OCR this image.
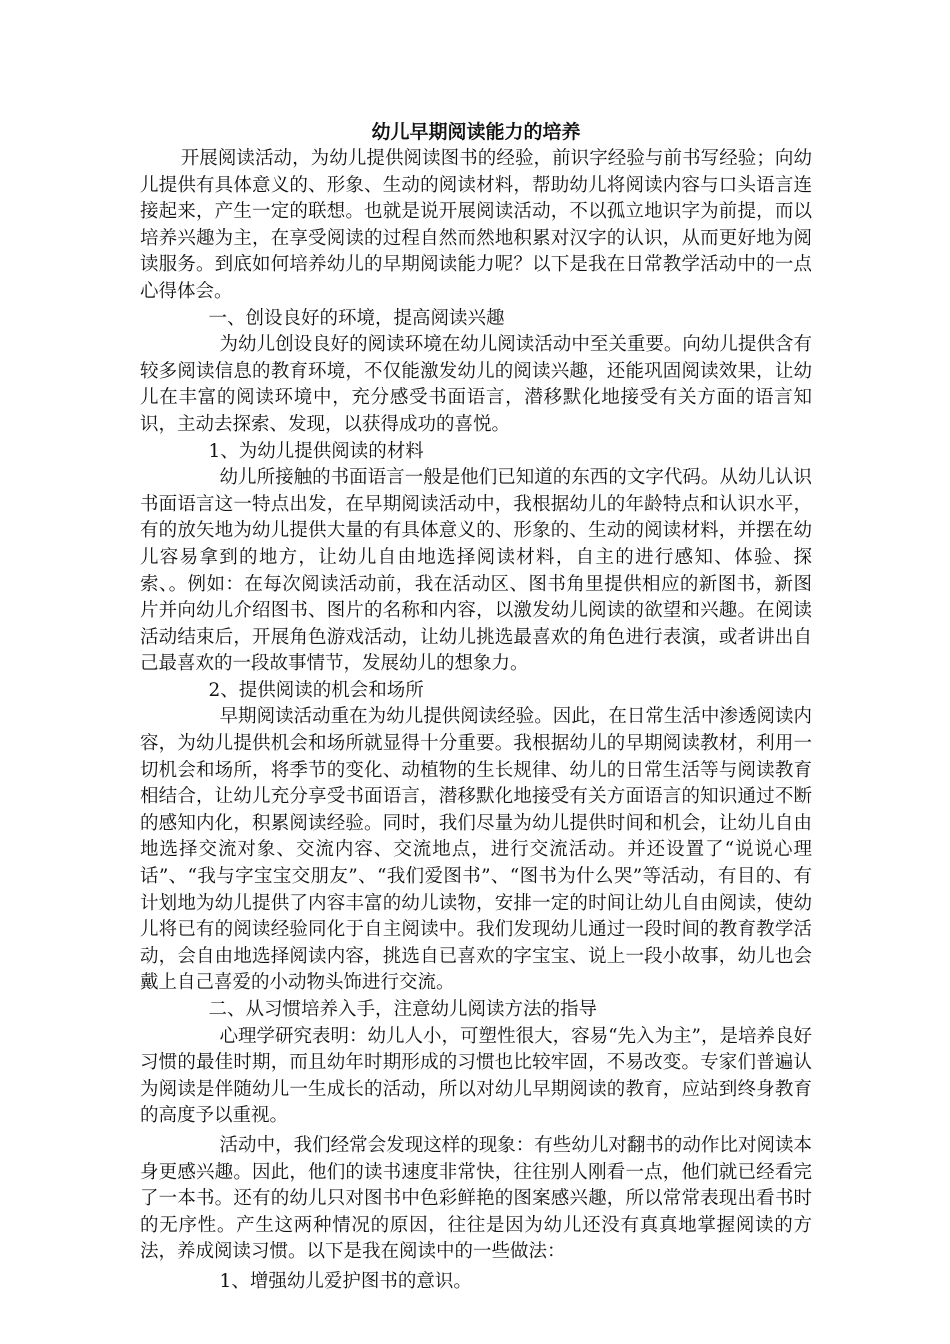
幼儿早期阅读能力的培养

开展阅读活动，为幼儿提供阅读图书的经验，前识字经验与前书写经验；向幼儿提供有具体意义的、形象、生动的阅读材料，帮助幼儿将阅读内容与口头语言连接起来，产生一定的联想。也就是说开展阅读活动，不以孤立地识字为前提，而以培养兴趣为主，在享受阅读的过程自然而然地积累对汉字的认识，从而更好地为阅读服务。到底如何培养幼儿的早期阅读能力呢？以下是我在日常教学活动中的一点心得体会。

一、创设良好的环境，提高阅读兴趣

为幼儿创设良好的阅读环境在幼儿阅读活动中至关重要。向幼儿提供含有较多阅读信息的教育环境，不仅能激发幼儿的阅读兴趣，还能巩固阅读效果，让幼儿在丰富的阅读环境中，充分感受书面语言，潜移默化地接受有关方面的语言知识，主动去探索、发现，以获得成功的喜悦。

1、为幼儿提供阅读的材料

幼儿所接触的书面语言一般是他们已知道的东西的文字代码。从幼儿认识书面语言这一特点出发，在早期阅读活动中，我根据幼儿的年龄特点和认识水平，有的放矢地为幼儿提供大量的有具体意义的、形象的、生动的阅读材料，并摆在幼儿容易拿到的地方，让幼儿自由地选择阅读材料，自主的进行感知、体验、探索、。例如：在每次阅读活动前，我在活动区、图书角里提供相应的新图书，新图片并向幼儿介绍图书、图片的名称和内容，以激发幼儿阅读的欲望和兴趣。在阅读活动结束后，开展角色游戏活动，让幼儿挑选最喜欢的角色进行表演，或者讲出自己最喜欢的一段故事情节，发展幼儿的想象力。

2、提供阅读的机会和场所

早期阅读活动重在为幼儿提供阅读经验。因此，在日常生活中渗透阅读内容，为幼儿提供机会和场所就显得十分重要。我根据幼儿的早期阅读教材，利用一切机会和场所，将季节的变化、动植物的生长规律、幼儿的日常生活等与阅读教育相结合，让幼儿充分享受书面语言，潜移默化地接受有关方面语言的知识通过不断的感知内化，积累阅读经验。同时，我们尽量为幼儿提供时间和机会，让幼儿自由地选择交流对象、交流内容、交流地点，进行交流活动。并还设置了“说说心理话”、“我与字宝宝交朋友”、“我们爱图书”、“图书为什么哭”等活动，有目的、有计划地为幼儿提供了内容丰富的幼儿读物，安排一定的时间让幼儿自由阅读，使幼儿将已有的阅读经验同化于自主阅读中。我们发现幼儿通过一段时间的教育教学活动，会自由地选择阅读内容，挑选自已喜欢的字宝宝、说上一段小故事，幼儿也会戴上自己喜爱的小动物头饰进行交流。

二、从习惯培养入手，注意幼儿阅读方法的指导

心理学研究表明：幼儿人小，可塑性很大，容易“先入为主”，是培养良好习惯的最佳时期，而且幼年时期形成的习惯也比较牢固，不易改变。专家们普遍认为阅读是伴随幼儿一生成长的活动，所以对幼儿早期阅读的教育，应站到终身教育的高度予以重视。

活动中，我们经常会发现这样的现象：有些幼儿对翻书的动作比对阅读本身更感兴趣。因此，他们的读书速度非常快，往往别人刚看一点，他们就已经看完了一本书。还有的幼儿只对图书中色彩鲜艳的图案感兴趣，所以常常表现出看书时的无序性。产生这两种情况的原因，往往是因为幼儿还没有真真地掌握阅读的方法，养成阅读习惯。以下是我在阅读中的一些做法：

1、增强幼儿爱护图书的意识。
